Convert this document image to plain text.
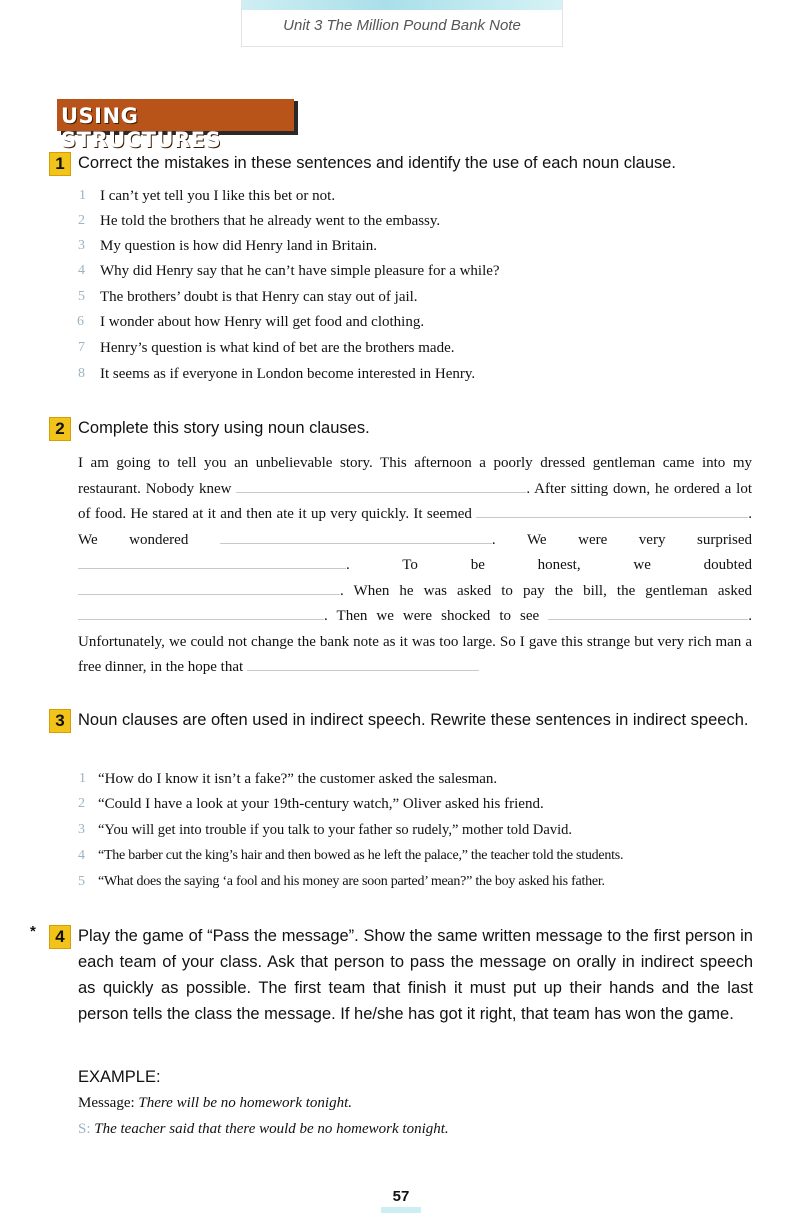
Unit 3 The Million Pound Bank Note
USING STRUCTURES
1 Correct the mistakes in these sentences and identify the use of each noun clause.
1 I can’t yet tell you I like this bet or not.
2 He told the brothers that he already went to the embassy.
3 My question is how did Henry land in Britain.
4 Why did Henry say that he can’t have simple pleasure for a while?
5 The brothers’ doubt is that Henry can stay out of jail.
6 I wonder about how Henry will get food and clothing.
7 Henry’s question is what kind of bet are the brothers made.
8 It seems as if everyone in London become interested in Henry.
2 Complete this story using noun clauses.
I am going to tell you an unbelievable story. This afternoon a poorly dressed gentleman came into my restaurant. Nobody knew	. After sitting down, he ordered a lot of food. He stared at it and then ate it up very quickly. It seemed	. We wondered	. We were very surprised . To be honest, we doubted . When he was asked to pay the bill, the gentleman asked . Then we were shocked to see	. Unfortunately, we could not change the bank note as it was too large. So I gave this strange but very rich man a free dinner, in the hope that
3 Noun clauses are often used in indirect speech. Rewrite these sentences in indirect speech.
1 “How do I know it isn’t a fake?” the customer asked the salesman.
2 “Could I have a look at your 19th-century watch,” Oliver asked his friend.
3 “You will get into trouble if you talk to your father so rudely,” mother told David.
4 “The barber cut the king’s hair and then bowed as he left the palace,” the teacher told the students.
5 “What does the saying ‘a fool and his money are soon parted’ mean?” the boy asked his father.
*	4 Play the game of “Pass the message”. Show the same written message to the first person in each team of your class. Ask that person to pass the message on orally in indirect speech as quickly as possible. The first team that finish it must put up their hands and the last person tells the class the message. If he/she has got it right, that team has won the game.
EXAMPLE:
Message: There will be no homework tonight.
S: The teacher said that there would be no homework tonight.
57
